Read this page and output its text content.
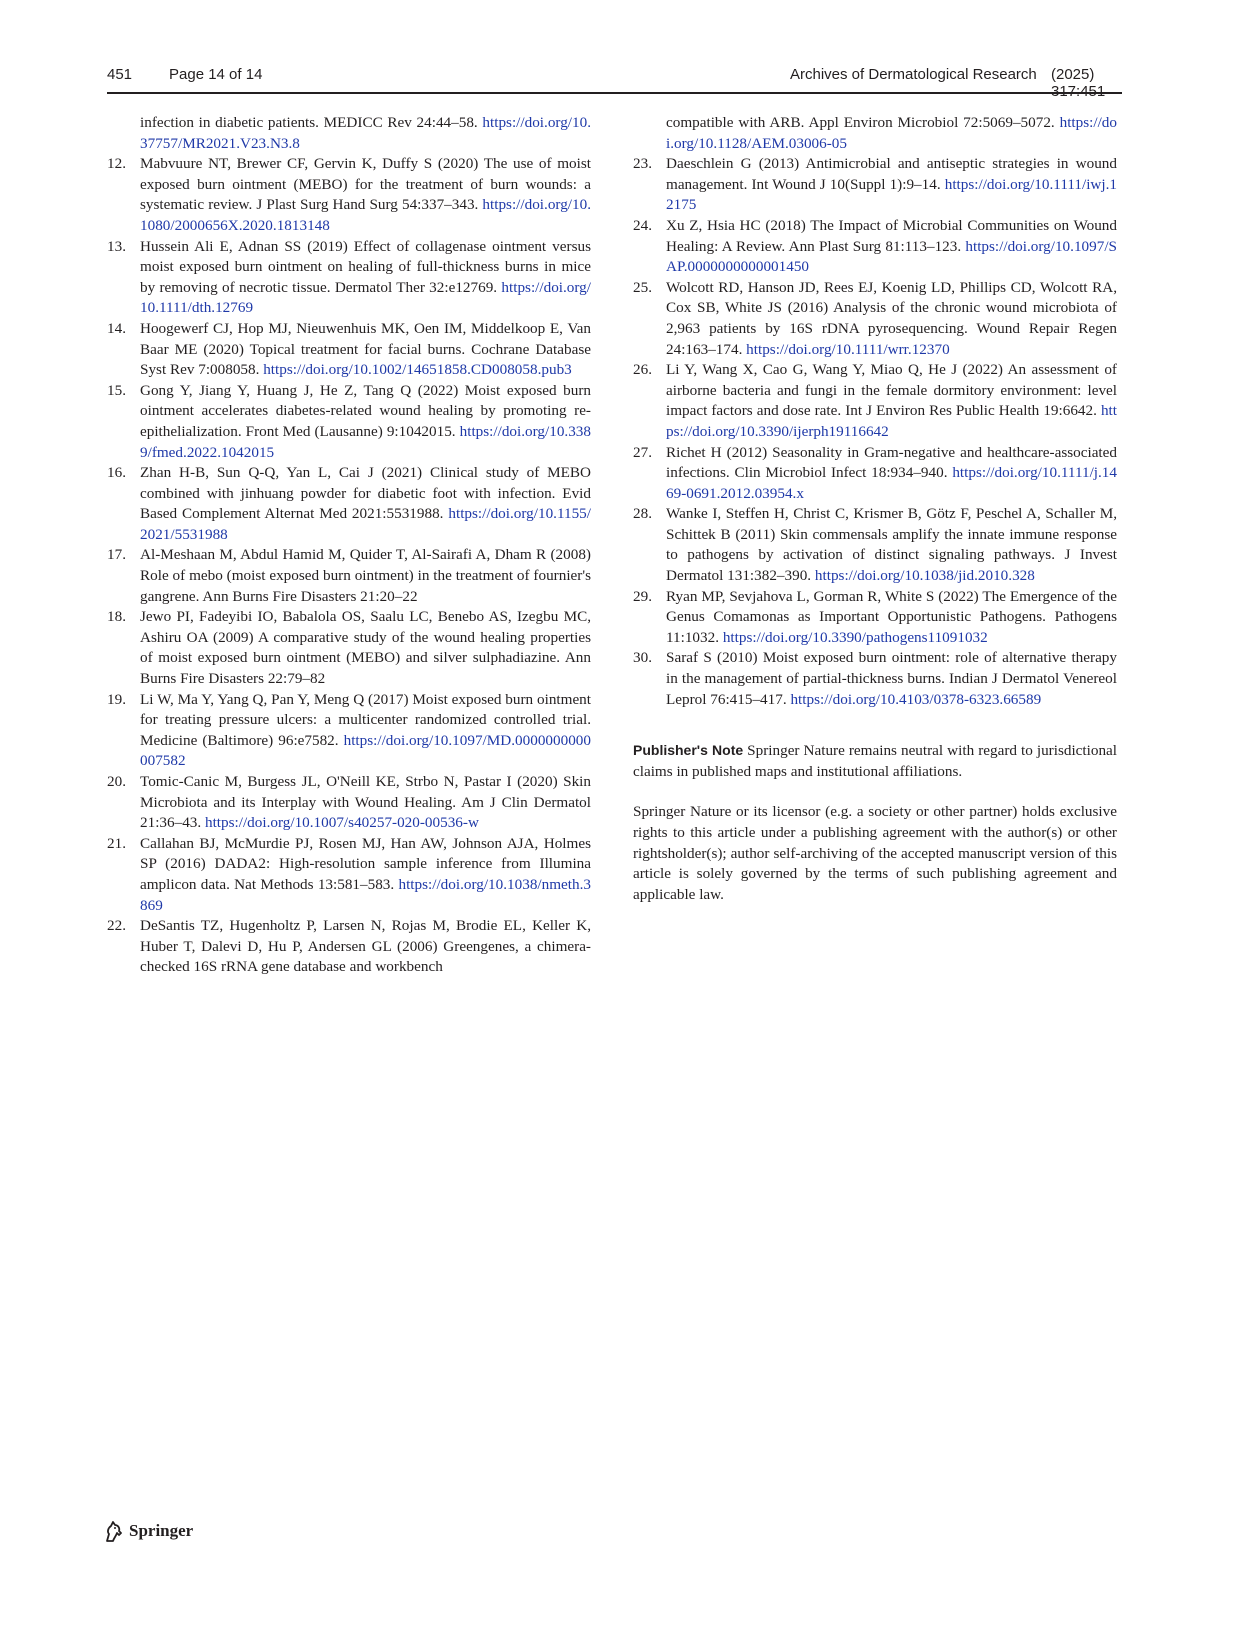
451 Page 14 of 14	Archives of Dermatological Research (2025)
infection in diabetic patients. MEDICC Rev 24:44–58. https://doi.org/10.37757/MR2021.V23.N3.8
12. Mabvuure NT, Brewer CF, Gervin K, Duffy S (2020) The use of moist exposed burn ointment (MEBO) for the treatment of burn wounds: a systematic review. J Plast Surg Hand Surg 54:337–343. https://doi.org/10.1080/2000656X.2020.1813148
13. Hussein Ali E, Adnan SS (2019) Effect of collagenase ointment versus moist exposed burn ointment on healing of full-thickness burns in mice by removing of necrotic tissue. Dermatol Ther 32:e12769. https://doi.org/10.1111/dth.12769
14. Hoogewerf CJ, Hop MJ, Nieuwenhuis MK, Oen IM, Middelkoop E, Van Baar ME (2020) Topical treatment for facial burns. Cochrane Database Syst Rev 7:008058. https://doi.org/10.1002/14651858.CD008058.pub3
15. Gong Y, Jiang Y, Huang J, He Z, Tang Q (2022) Moist exposed burn ointment accelerates diabetes-related wound healing by promoting re-epithelialization. Front Med (Lausanne) 9:1042015. https://doi.org/10.3389/fmed.2022.1042015
16. Zhan H-B, Sun Q-Q, Yan L, Cai J (2021) Clinical study of MEBO combined with jinhuang powder for diabetic foot with infection. Evid Based Complement Alternat Med 2021:5531988. https://doi.org/10.1155/2021/5531988
17. Al-Meshaan M, Abdul Hamid M, Quider T, Al-Sairafi A, Dham R (2008) Role of mebo (moist exposed burn ointment) in the treatment of fournier's gangrene. Ann Burns Fire Disasters 21:20–22
18. Jewo PI, Fadeyibi IO, Babalola OS, Saalu LC, Benebo AS, Izegbu MC, Ashiru OA (2009) A comparative study of the wound healing properties of moist exposed burn ointment (MEBO) and silver sulphadiazine. Ann Burns Fire Disasters 22:79–82
19. Li W, Ma Y, Yang Q, Pan Y, Meng Q (2017) Moist exposed burn ointment for treating pressure ulcers: a multicenter randomized controlled trial. Medicine (Baltimore) 96:e7582. https://doi.org/10.1097/MD.0000000000007582
20. Tomic-Canic M, Burgess JL, O'Neill KE, Strbo N, Pastar I (2020) Skin Microbiota and its Interplay with Wound Healing. Am J Clin Dermatol 21:36–43. https://doi.org/10.1007/s40257-020-00536-w
21. Callahan BJ, McMurdie PJ, Rosen MJ, Han AW, Johnson AJA, Holmes SP (2016) DADA2: High-resolution sample inference from Illumina amplicon data. Nat Methods 13:581–583. https://doi.org/10.1038/nmeth.3869
22. DeSantis TZ, Hugenholtz P, Larsen N, Rojas M, Brodie EL, Keller K, Huber T, Dalevi D, Hu P, Andersen GL (2006) Greengenes, a chimera-checked 16S rRNA gene database and workbench
compatible with ARB. Appl Environ Microbiol 72:5069–5072. https://doi.org/10.1128/AEM.03006-05
23. Daeschlein G (2013) Antimicrobial and antiseptic strategies in wound management. Int Wound J 10(Suppl 1):9–14. https://doi.org/10.1111/iwj.12175
24. Xu Z, Hsia HC (2018) The Impact of Microbial Communities on Wound Healing: A Review. Ann Plast Surg 81:113–123. https://doi.org/10.1097/SAP.0000000000001450
25. Wolcott RD, Hanson JD, Rees EJ, Koenig LD, Phillips CD, Wolcott RA, Cox SB, White JS (2016) Analysis of the chronic wound microbiota of 2,963 patients by 16S rDNA pyrosequencing. Wound Repair Regen 24:163–174. https://doi.org/10.1111/wrr.12370
26. Li Y, Wang X, Cao G, Wang Y, Miao Q, He J (2022) An assessment of airborne bacteria and fungi in the female dormitory environment: level impact factors and dose rate. Int J Environ Res Public Health 19:6642. https://doi.org/10.3390/ijerph19116642
27. Richet H (2012) Seasonality in Gram-negative and healthcare-associated infections. Clin Microbiol Infect 18:934–940. https://doi.org/10.1111/j.1469-0691.2012.03954.x
28. Wanke I, Steffen H, Christ C, Krismer B, Götz F, Peschel A, Schaller M, Schittek B (2011) Skin commensals amplify the innate immune response to pathogens by activation of distinct signaling pathways. J Invest Dermatol 131:382–390. https://doi.org/10.1038/jid.2010.328
29. Ryan MP, Sevjahova L, Gorman R, White S (2022) The Emergence of the Genus Comamonas as Important Opportunistic Pathogens. Pathogens 11:1032. https://doi.org/10.3390/pathogens11091032
30. Saraf S (2010) Moist exposed burn ointment: role of alternative therapy in the management of partial-thickness burns. Indian J Dermatol Venereol Leprol 76:415–417. https://doi.org/10.4103/0378-6323.66589

Publisher's Note Springer Nature remains neutral with regard to jurisdictional claims in published maps and institutional affiliations.

Springer Nature or its licensor (e.g. a society or other partner) holds exclusive rights to this article under a publishing agreement with the author(s) or other rightsholder(s); author self-archiving of the accepted manuscript version of this article is solely governed by the terms of such publishing agreement and applicable law.

Springer
